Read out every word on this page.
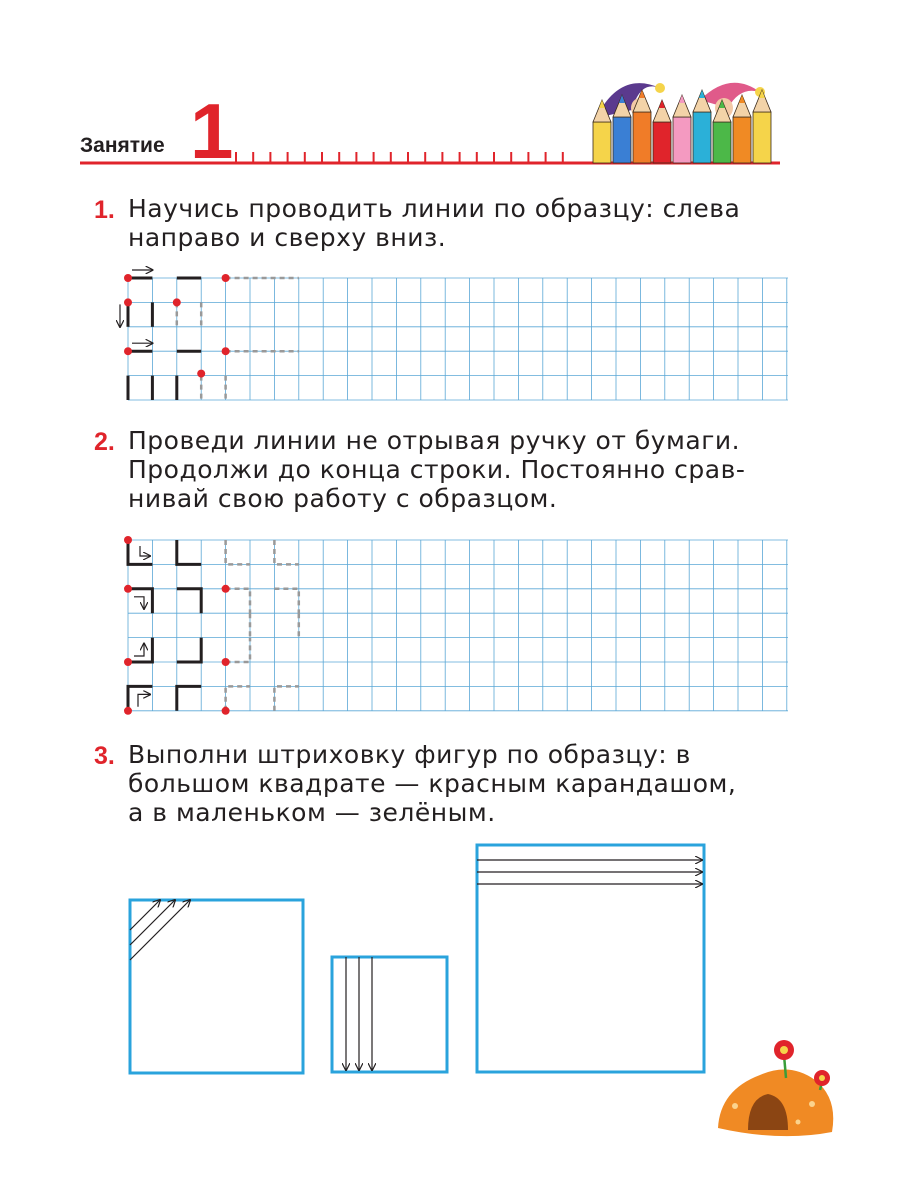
Занятие 1
1. Научись проводить линии по образцу: слева
направо и сверху вниз.
2. Проведи линии не отрывая ручку от бумаги.
Продолжи до конца строки. Постоянно срав-
нивай свою работу с образцом.
3. Выполни штриховку фигур по образцу: в
большом квадрате — красным карандашом,
а в маленьком — зелёным.
